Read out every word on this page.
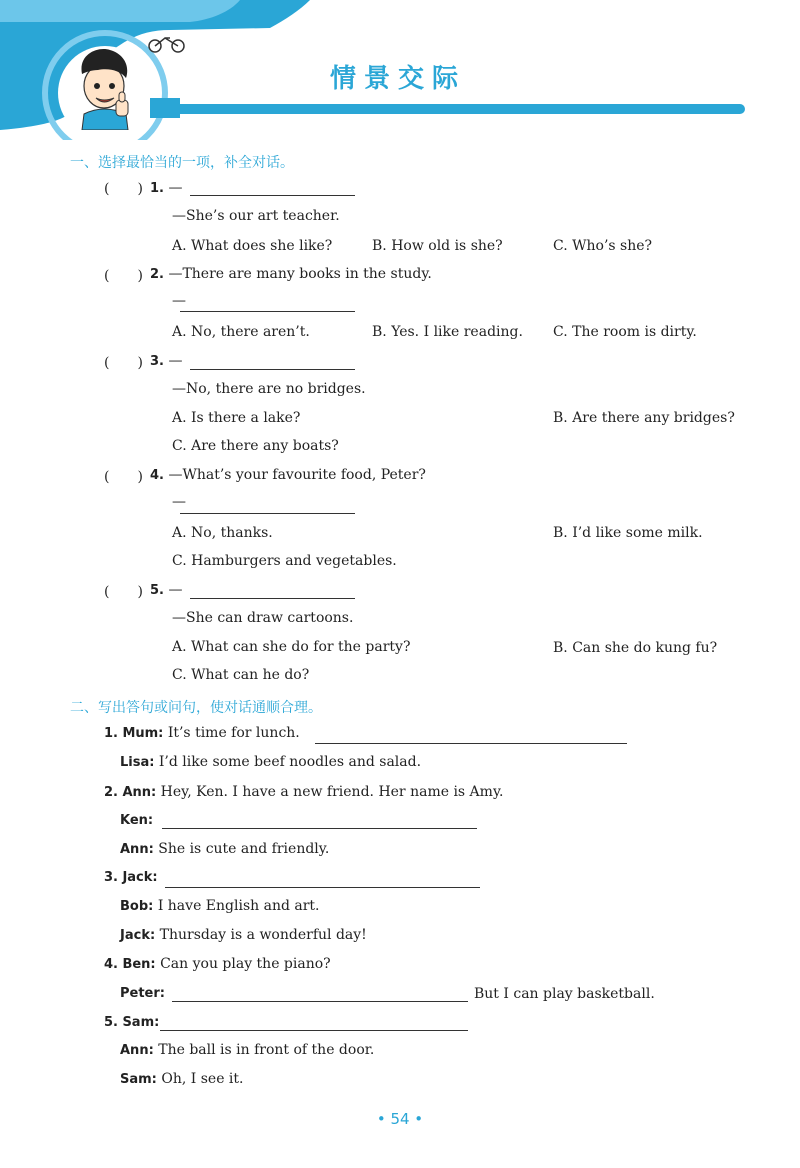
情景交际
一、选择最恰当的一项，补全对话。
(　　) 1. —
—She’s our art teacher.
A. What does she like?	B. How old is she?	C. Who’s she?
(　　) 2. —There are many books in the study.
—
A. No, there aren’t.	B. Yes. I like reading. C. The room is dirty.
(　　) 3. —
—No, there are no bridges.
A. Is there a lake?	B. Are there any bridges?
C. Are there any boats?
(　　) 4. —What’s your favourite food, Peter?
—
A. No, thanks.	B. I’d like some milk.
C. Hamburgers and vegetables.
(　　) 5. —
—She can draw cartoons.
A. What can she do for the party?	B. Can she do kung fu?
C. What can he do?
二、写出答句或问句，使对话通顺合理。
1. Mum: It’s time for lunch.
Lisa: I’d like some beef noodles and salad.
2. Ann: Hey, Ken. I have a new friend. Her name is Amy.
Ken:
Ann: She is cute and friendly.
3. Jack:
Bob: I have English and art.
Jack: Thursday is a wonderful day!
4. Ben: Can you play the piano?
Peter:	But I can play basketball.
5. Sam:
Ann: The ball is in front of the door.
Sam: Oh, I see it.
• 54 •
